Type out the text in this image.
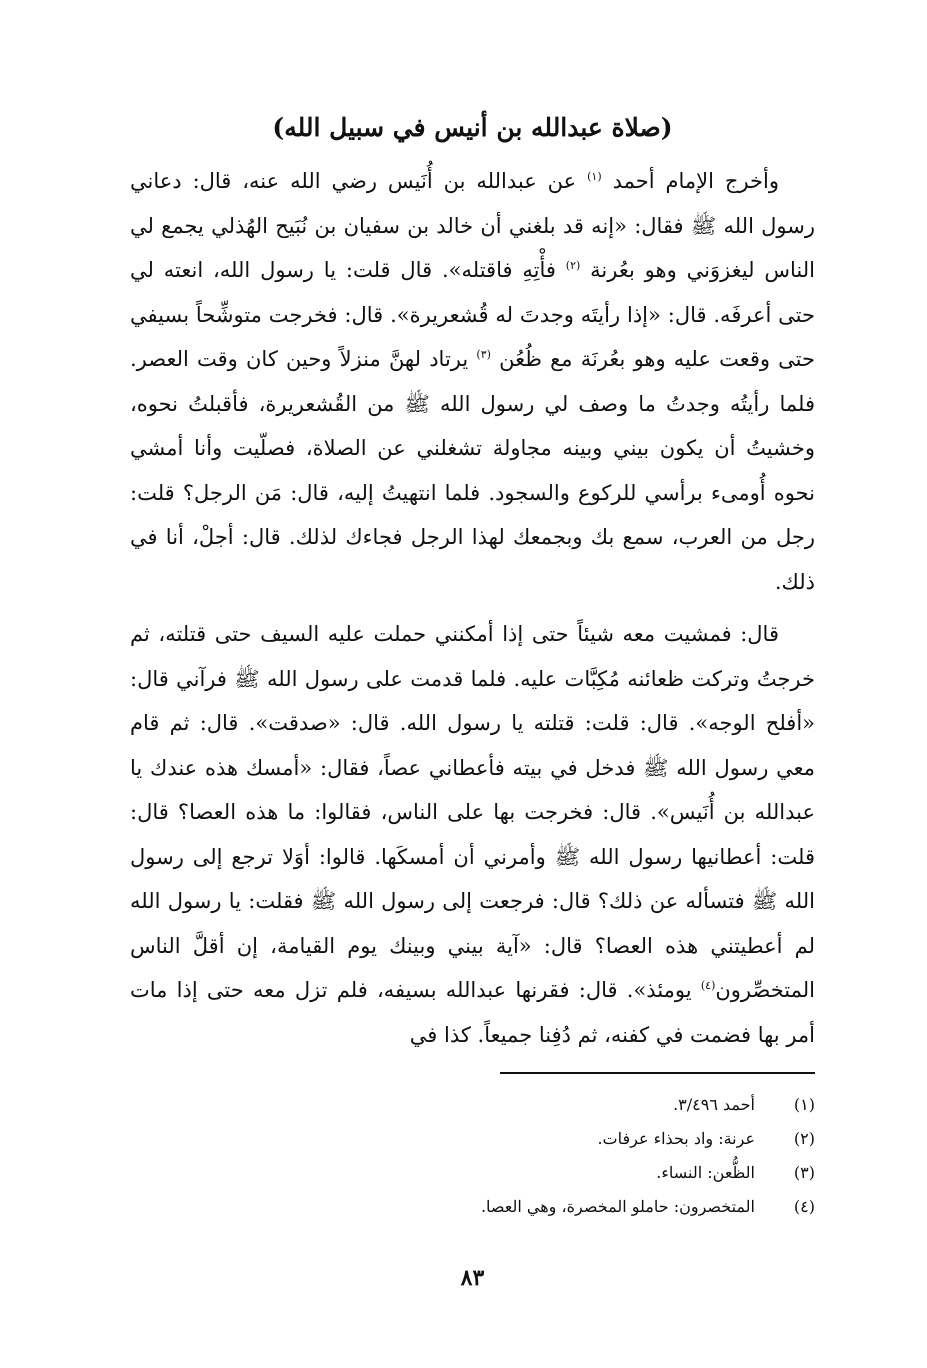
(صلاة عبدالله بن أنيس في سبيل الله)

وأخرج الإمام أحمد $^{(١)}$ عن عبدالله بن أُنَيس رضي الله عنه، قال: دعاني رسول الله ﷺ فقال: «إنه قد بلغني أن خالد بن سفيان بن نُبَيح الهُذلي يجمع لي الناس ليغزوَني وهو بعُرنة $^{(٢)}$ فأْتِهِ فاقتله». قال قلت: يا رسول الله، انعته لي حتى أعرفَه. قال: «إذا رأيتَه وجدتَ له قُشعريرة». قال: فخرجت متوشِّحاً بسيفي حتى وقعت عليه وهو بعُرنَة مع ظُعُن $^{(٣)}$ يرتاد لهنَّ منزلاً وحين كان وقت العصر. فلما رأيتُه وجدتُ ما وصف لي رسول الله ﷺ من القُشعريرة، فأقبلتُ نحوه، وخشيتُ أن يكون بيني وبينه مجاولة تشغلني عن الصلاة، فصلّيت وأنا أمشي نحوه أُومىء برأسي للركوع والسجود. فلما انتهيتُ إليه، قال: مَن الرجل؟ قلت: رجل من العرب، سمع بك وبجمعك لهذا الرجل فجاءك لذلك. قال: أجلْ، أنا في ذلك.

قال: فمشيت معه شيئاً حتى إذا أمكنني حملت عليه السيف حتى قتلته، ثم خرجتُ وتركت ظعائنه مُكِبَّات عليه. فلما قدمت على رسول الله ﷺ فرآني قال: «أفلح الوجه». قال: قلت: قتلته يا رسول الله. قال: «صدقت». قال: ثم قام معي رسول الله ﷺ فدخل في بيته فأعطاني عصاً، فقال: «أمسك هذه عندك يا عبدالله بن أُنَيس». قال: فخرجت بها على الناس، فقالوا: ما هذه العصا؟ قال: قلت: أعطانيها رسول الله ﷺ وأمرني أن أمسكَها. قالوا: أوَلا ترجع إلى رسول الله ﷺ فتسأله عن ذلك؟ قال: فرجعت إلى رسول الله ﷺ فقلت: يا رسول الله لم أعطيتني هذه العصا؟ قال: «آية بيني وبينك يوم القيامة، إن أقلَّ الناس المتخصِّرون$^{(٤)}$ يومئذ». قال: فقرنها عبدالله بسيفه، فلم تزل معه حتى إذا مات أمر بها فضمت في كفنه، ثم دُفِنا جميعاً. كذا في

(١)
أحمد ٣/٤٩٦.
(٢)
عرنة: واد بحذاء عرفات.
(٣)
الظُّعن: النساء.
(٤)
المتخصرون: حاملو المخصرة، وهي العصا.
٨٣
